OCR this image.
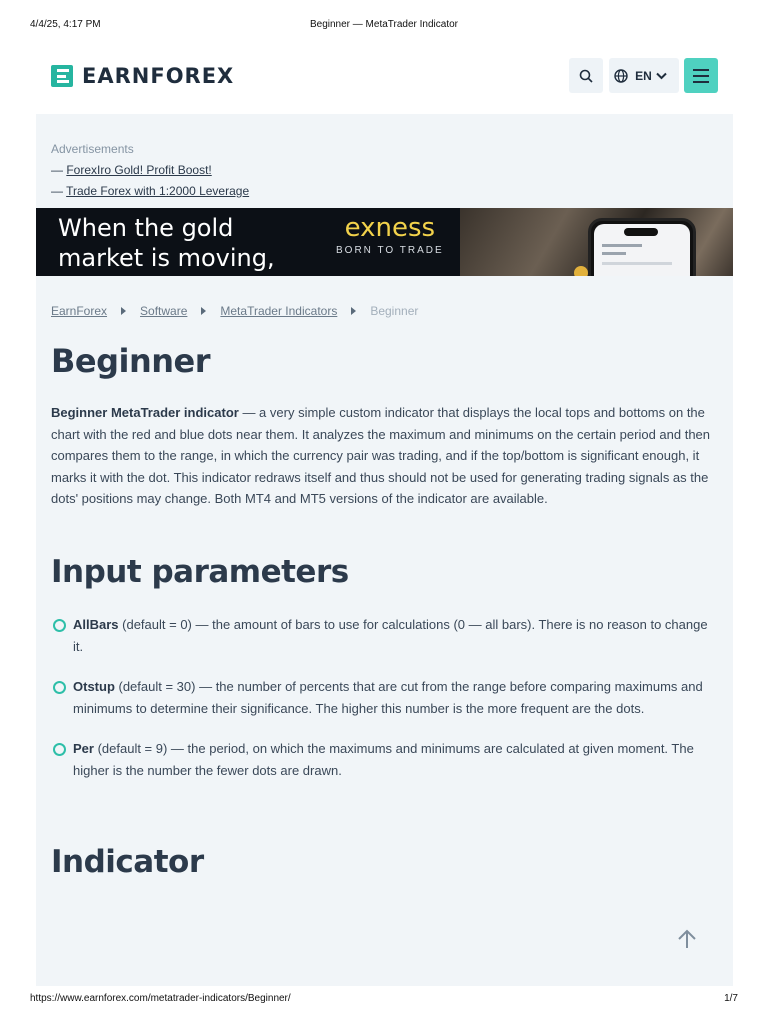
4/4/25, 4:17 PM	Beginner — MetaTrader Indicator
EARNFOREX	EN
Advertisements
— ForexIro Gold! Profit Boost!
— Trade Forex with 1:2000 Leverage
When the gold
market is moving,
exness
BORN TO TRADE
EarnForex	Software	MetaTrader Indicators	Beginner
Beginner

Beginner MetaTrader indicator — a very simple custom indicator that displays the local tops and bottoms on the chart with the red and blue dots near them. It analyzes the maximum and minimums on the certain period and then compares them to the range, in which the currency pair was trading, and if the top/bottom is significant enough, it marks it with the dot. This indicator redraws itself and thus should not be used for generating trading signals as the dots' positions may change. Both MT4 and MT5 versions of the indicator are available.

Input parameters
AllBars (default = 0) — the amount of bars to use for calculations (0 — all bars). There is no reason to change it.
Otstup (default = 30) — the number of percents that are cut from the range before comparing maximums and minimums to determine their significance. The higher this number is the more frequent are the dots.
Per (default = 9) — the period, on which the maximums and minimums are calculated at given moment. The higher is the number the fewer dots are drawn.
Indicator
https://www.earnforex.com/metatrader-indicators/Beginner/	1/7
